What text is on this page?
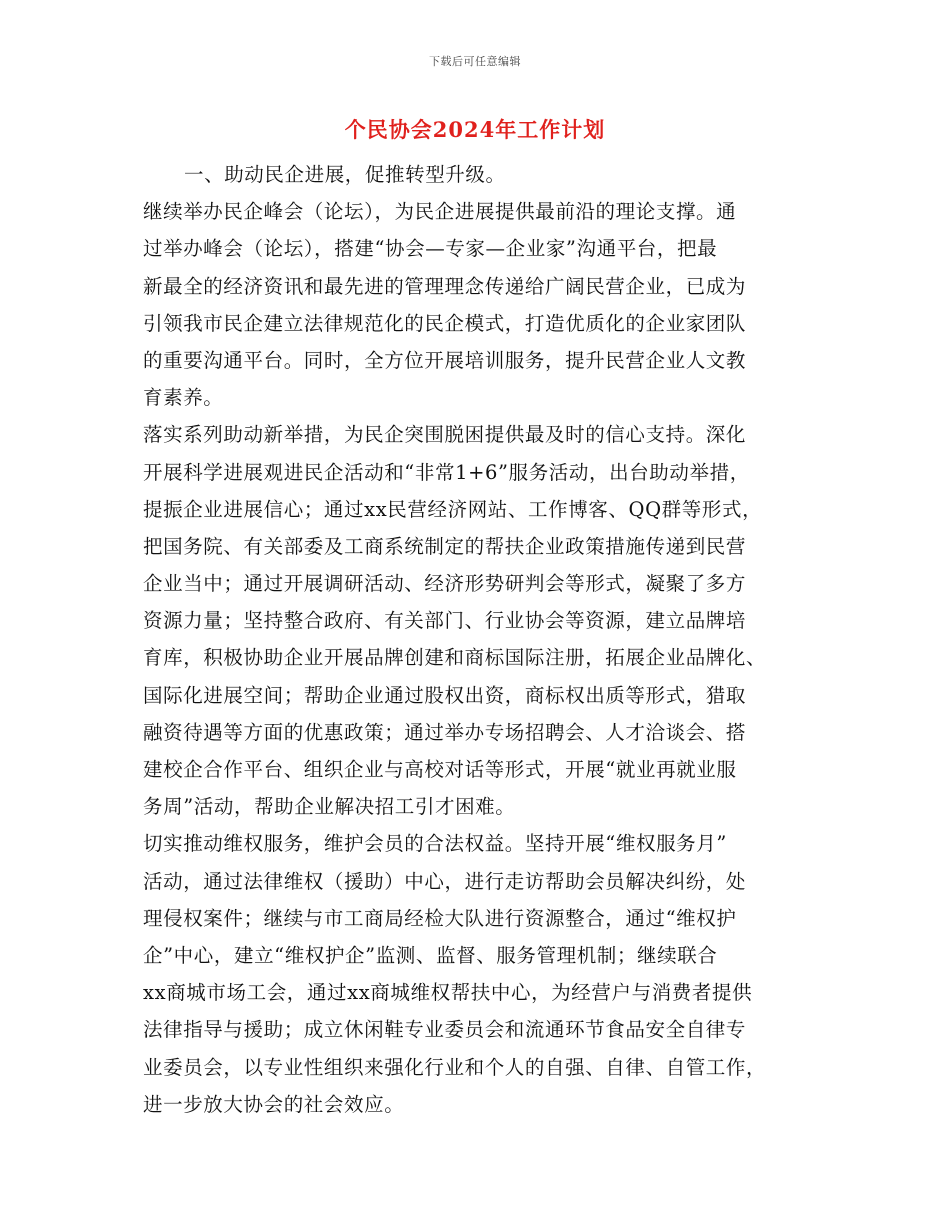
下载后可任意编辑
个民协会2024年工作计划
一、助动民企进展，促推转型升级。
继续举办民企峰会（论坛），为民企进展提供最前沿的理论支撑。通
过举办峰会（论坛），搭建“协会—专家—企业家”沟通平台，把最
新最全的经济资讯和最先进的管理理念传递给广阔民营企业，已成为
引领我市民企建立法律规范化的民企模式，打造优质化的企业家团队
的重要沟通平台。同时，全方位开展培训服务，提升民营企业人文教
育素养。
落实系列助动新举措，为民企突围脱困提供最及时的信心支持。深化
开展科学进展观进民企活动和“非常1+6”服务活动，出台助动举措，
提振企业进展信心；通过xx民营经济网站、工作博客、QQ群等形式，
把国务院、有关部委及工商系统制定的帮扶企业政策措施传递到民营
企业当中；通过开展调研活动、经济形势研判会等形式，凝聚了多方
资源力量；坚持整合政府、有关部门、行业协会等资源，建立品牌培
育库，积极协助企业开展品牌创建和商标国际注册，拓展企业品牌化、
国际化进展空间；帮助企业通过股权出资，商标权出质等形式，猎取
融资待遇等方面的优惠政策；通过举办专场招聘会、人才洽谈会、搭
建校企合作平台、组织企业与高校对话等形式，开展“就业再就业服
务周”活动，帮助企业解决招工引才困难。
切实推动维权服务，维护会员的合法权益。坚持开展“维权服务月”
活动，通过法律维权（援助）中心，进行走访帮助会员解决纠纷，处
理侵权案件；继续与市工商局经检大队进行资源整合，通过“维权护
企”中心，建立“维权护企”监测、监督、服务管理机制；继续联合
xx商城市场工会，通过xx商城维权帮扶中心，为经营户与消费者提供
法律指导与援助；成立休闲鞋专业委员会和流通环节食品安全自律专
业委员会，以专业性组织来强化行业和个人的自强、自律、自管工作，
进一步放大协会的社会效应。
